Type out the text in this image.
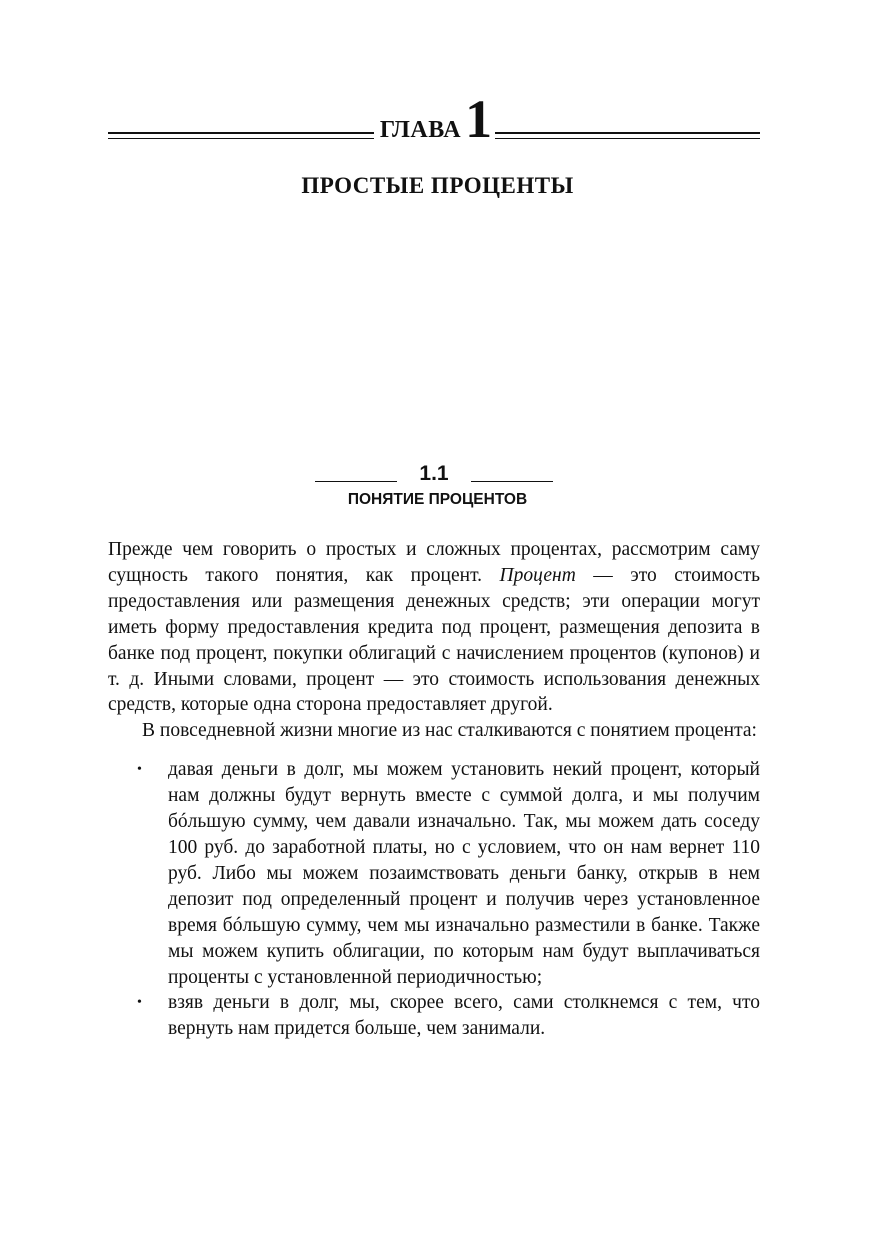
ГЛАВА 1
ПРОСТЫЕ ПРОЦЕНТЫ
1.1
ПОНЯТИЕ ПРОЦЕНТОВ

Прежде чем говорить о простых и сложных процентах, рассмотрим саму сущность такого понятия, как процент. Процент — это стоимость предоставления или размещения денежных средств; эти операции могут иметь форму предоставления кредита под процент, размещения депозита в банке под процент, покупки облигаций с начислением процентов (купонов) и т. д. Иными словами, процент — это стоимость использования денежных средств, которые одна сторона предоставляет другой.

В повседневной жизни многие из нас сталкиваются с понятием процента:

• давая деньги в долг, мы можем установить некий процент, который нам должны будут вернуть вместе с суммой долга, и мы получим бóльшую сумму, чем давали изначально. Так, мы можем дать соседу 100 руб. до заработной платы, но с условием, что он нам вернет 110 руб. Либо мы можем позаимствовать деньги банку, открыв в нем депозит под определенный процент и получив через установленное время бóльшую сумму, чем мы изначально разместили в банке. Также мы можем купить облигации, по которым нам будут выплачиваться проценты с установленной периодичностью;
• взяв деньги в долг, мы, скорее всего, сами столкнемся с тем, что вернуть нам придется больше, чем занимали.
